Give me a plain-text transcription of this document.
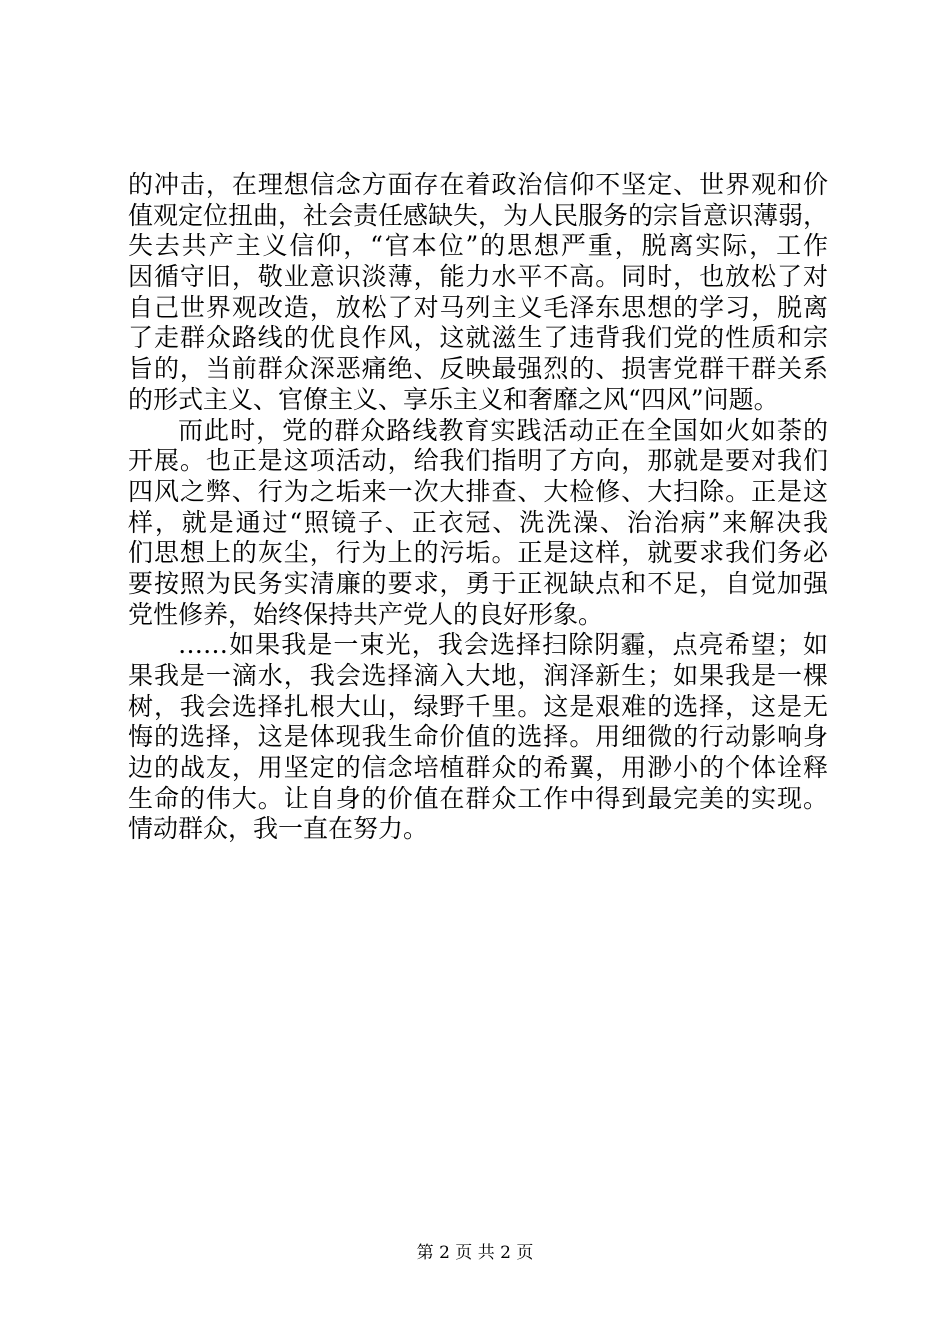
的冲击，在理想信念方面存在着政治信仰不坚定、世界观和价
值观定位扭曲，社会责任感缺失，为人民服务的宗旨意识薄弱，
失去共产主义信仰，“官本位”的思想严重，脱离实际，工作
因循守旧，敬业意识淡薄，能力水平不高。同时，也放松了对
自己世界观改造，放松了对马列主义毛泽东思想的学习，脱离
了走群众路线的优良作风，这就滋生了违背我们党的性质和宗
旨的，当前群众深恶痛绝、反映最强烈的、损害党群干群关系
的形式主义、官僚主义、享乐主义和奢靡之风“四风”问题。
而此时，党的群众路线教育实践活动正在全国如火如荼的
开展。也正是这项活动，给我们指明了方向，那就是要对我们
四风之弊、行为之垢来一次大排查、大检修、大扫除。正是这
样，就是通过“照镜子、正衣冠、洗洗澡、治治病”来解决我
们思想上的灰尘，行为上的污垢。正是这样，就要求我们务必
要按照为民务实清廉的要求，勇于正视缺点和不足，自觉加强
党性修养，始终保持共产党人的良好形象。
……如果我是一束光，我会选择扫除阴霾，点亮希望；如
果我是一滴水，我会选择滴入大地，润泽新生；如果我是一棵
树，我会选择扎根大山，绿野千里。这是艰难的选择，这是无
悔的选择，这是体现我生命价值的选择。用细微的行动影响身
边的战友，用坚定的信念培植群众的希翼，用渺小的个体诠释
生命的伟大。让自身的价值在群众工作中得到最完美的实现。
情动群众，我一直在努力。
第 2 页 共 2 页
